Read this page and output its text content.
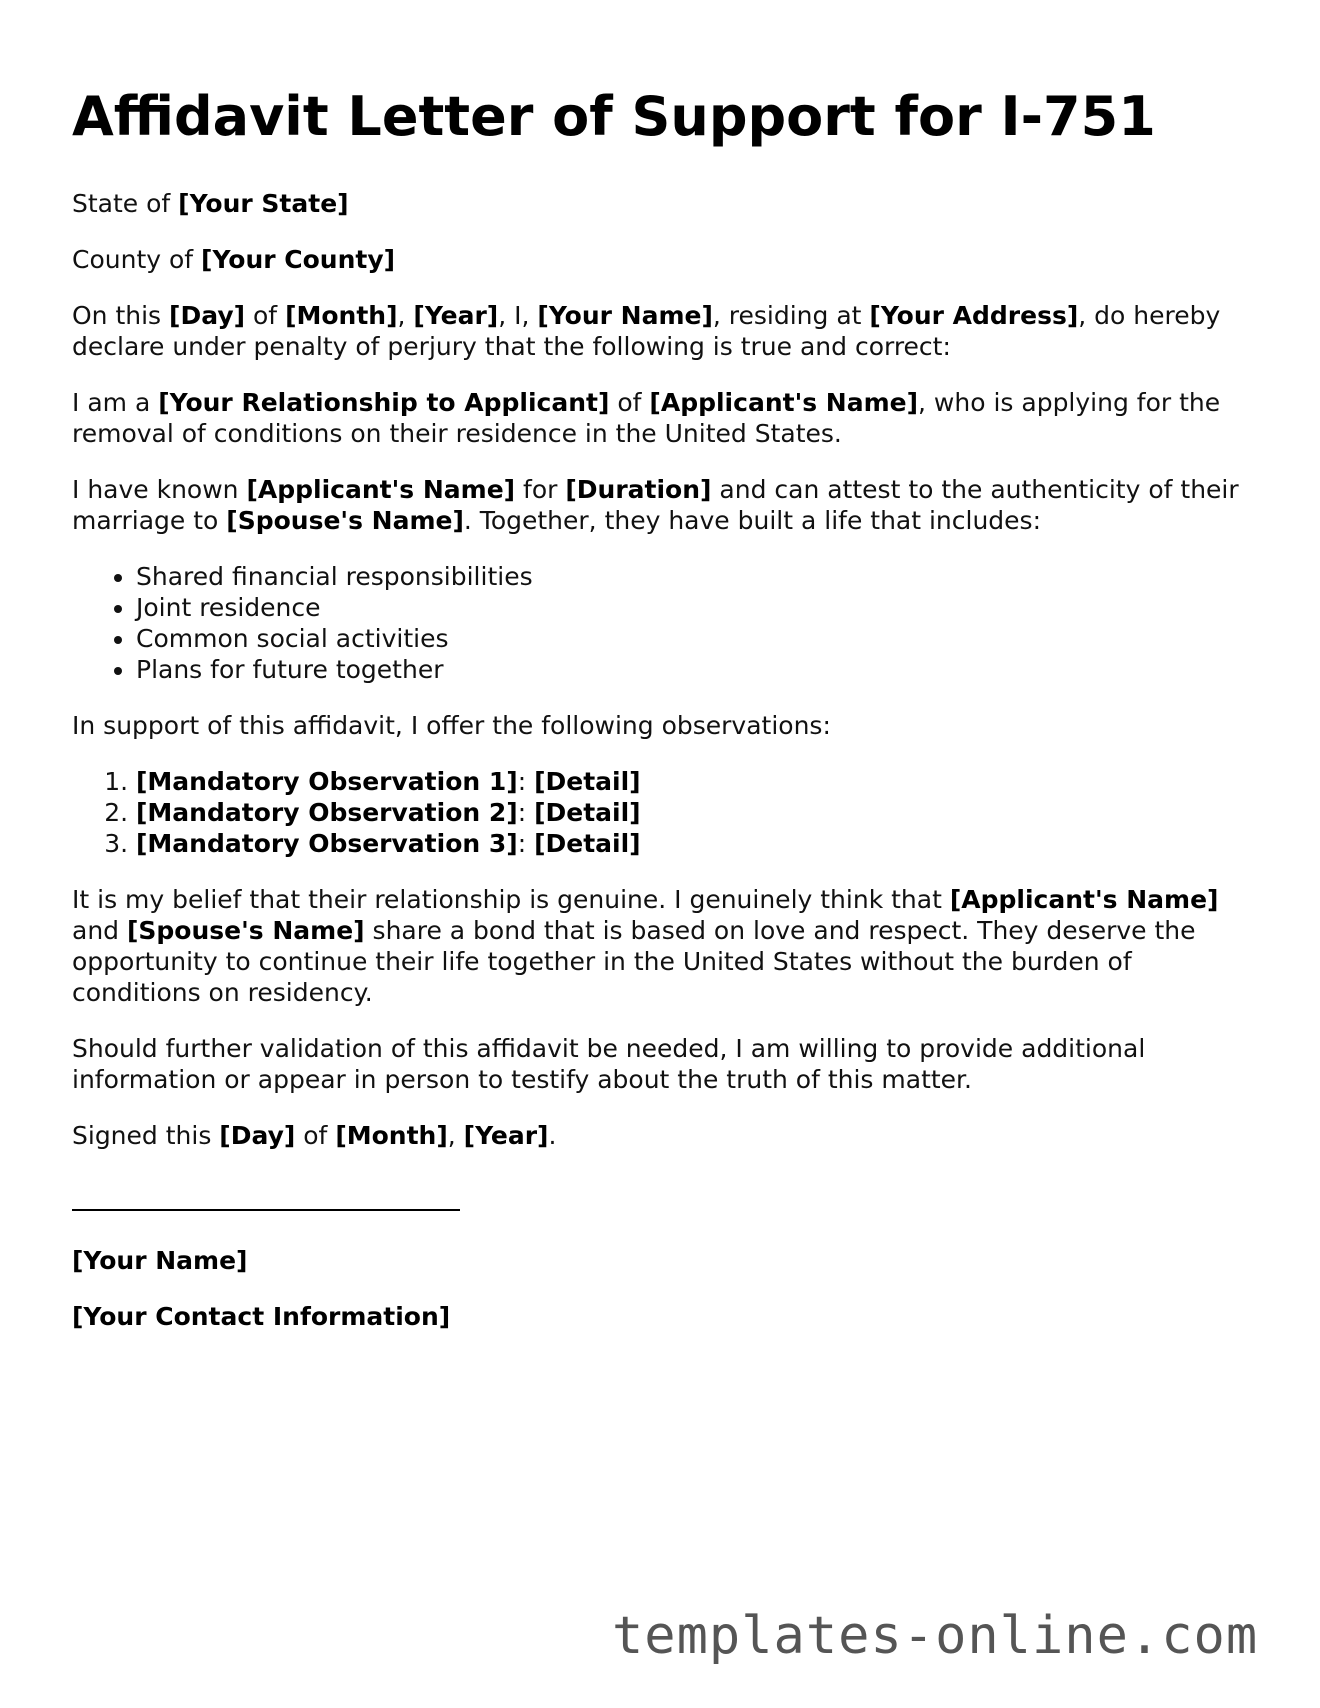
Affidavit Letter of Support for I-751

State of [Your State]

County of [Your County]

On this [Day] of [Month], [Year], I, [Your Name], residing at [Your Address], do hereby declare under penalty of perjury that the following is true and correct:

I am a [Your Relationship to Applicant] of [Applicant's Name], who is applying for the removal of conditions on their residence in the United States.

I have known [Applicant's Name] for [Duration] and can attest to the authenticity of their marriage to [Spouse's Name]. Together, they have built a life that includes:

• Shared financial responsibilities
• Joint residence
• Common social activities
• Plans for future together

In support of this affidavit, I offer the following observations:

1. [Mandatory Observation 1]: [Detail]
2. [Mandatory Observation 2]: [Detail]
3. [Mandatory Observation 3]: [Detail]

It is my belief that their relationship is genuine. I genuinely think that [Applicant's Name] and [Spouse's Name] share a bond that is based on love and respect. They deserve the opportunity to continue their life together in the United States without the burden of conditions on residency.

Should further validation of this affidavit be needed, I am willing to provide additional information or appear in person to testify about the truth of this matter.

Signed this [Day] of [Month], [Year].

[Your Name]

[Your Contact Information]

templates-online.com
